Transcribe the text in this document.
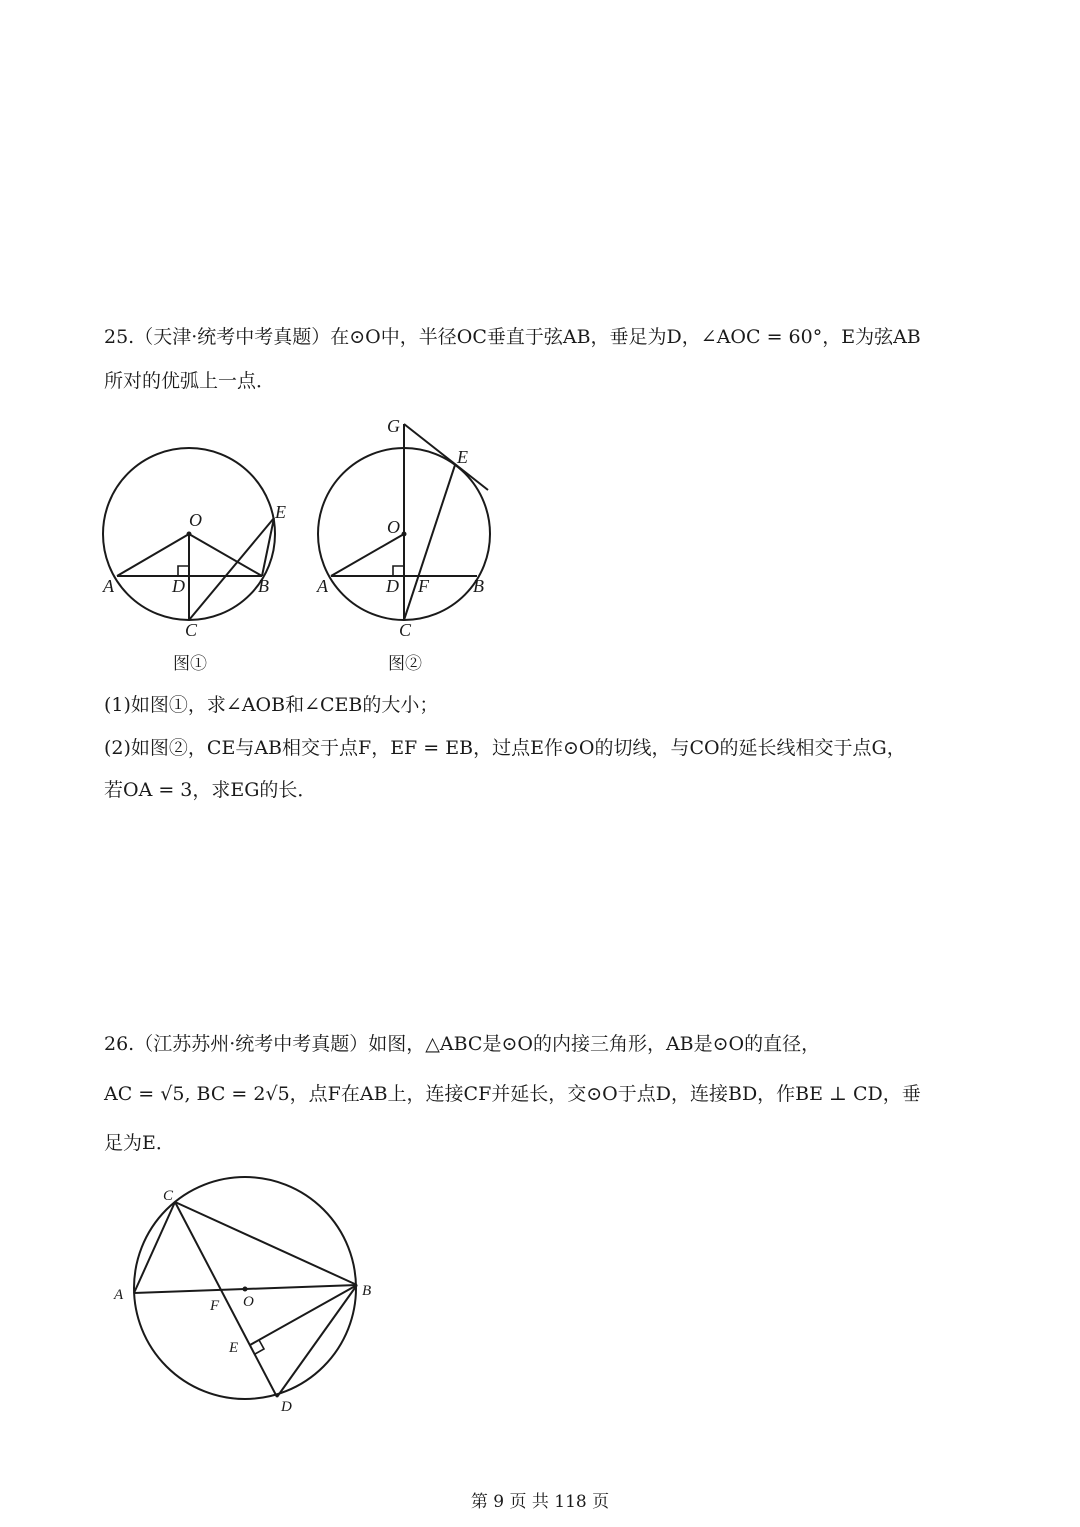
25.（天津·统考中考真题）在⊙O中，半径OC垂直于弦AB，垂足为D，∠AOC = 60°，E为弦AB
所对的优弧上一点．
O
A	D	B
C
E
图①
G
E
O
A	D F B
C
图②
(1)如图①，求∠AOB和∠CEB的大小；
(2)如图②，CE与AB相交于点F，EF = EB，过点E作⊙O的切线，与CO的延长线相交于点G，
若OA = 3，求EG的长．
26.（江苏苏州·统考中考真题）如图，△ABC是⊙O的内接三角形，AB是⊙O的直径，
AC = √5, BC = 2√5，点F在AB上，连接CF并延长，交⊙O于点D，连接BD，作BE ⊥ CD，垂
足为E．
C
A
F O
B
E
D
第 9 页 共 118 页
